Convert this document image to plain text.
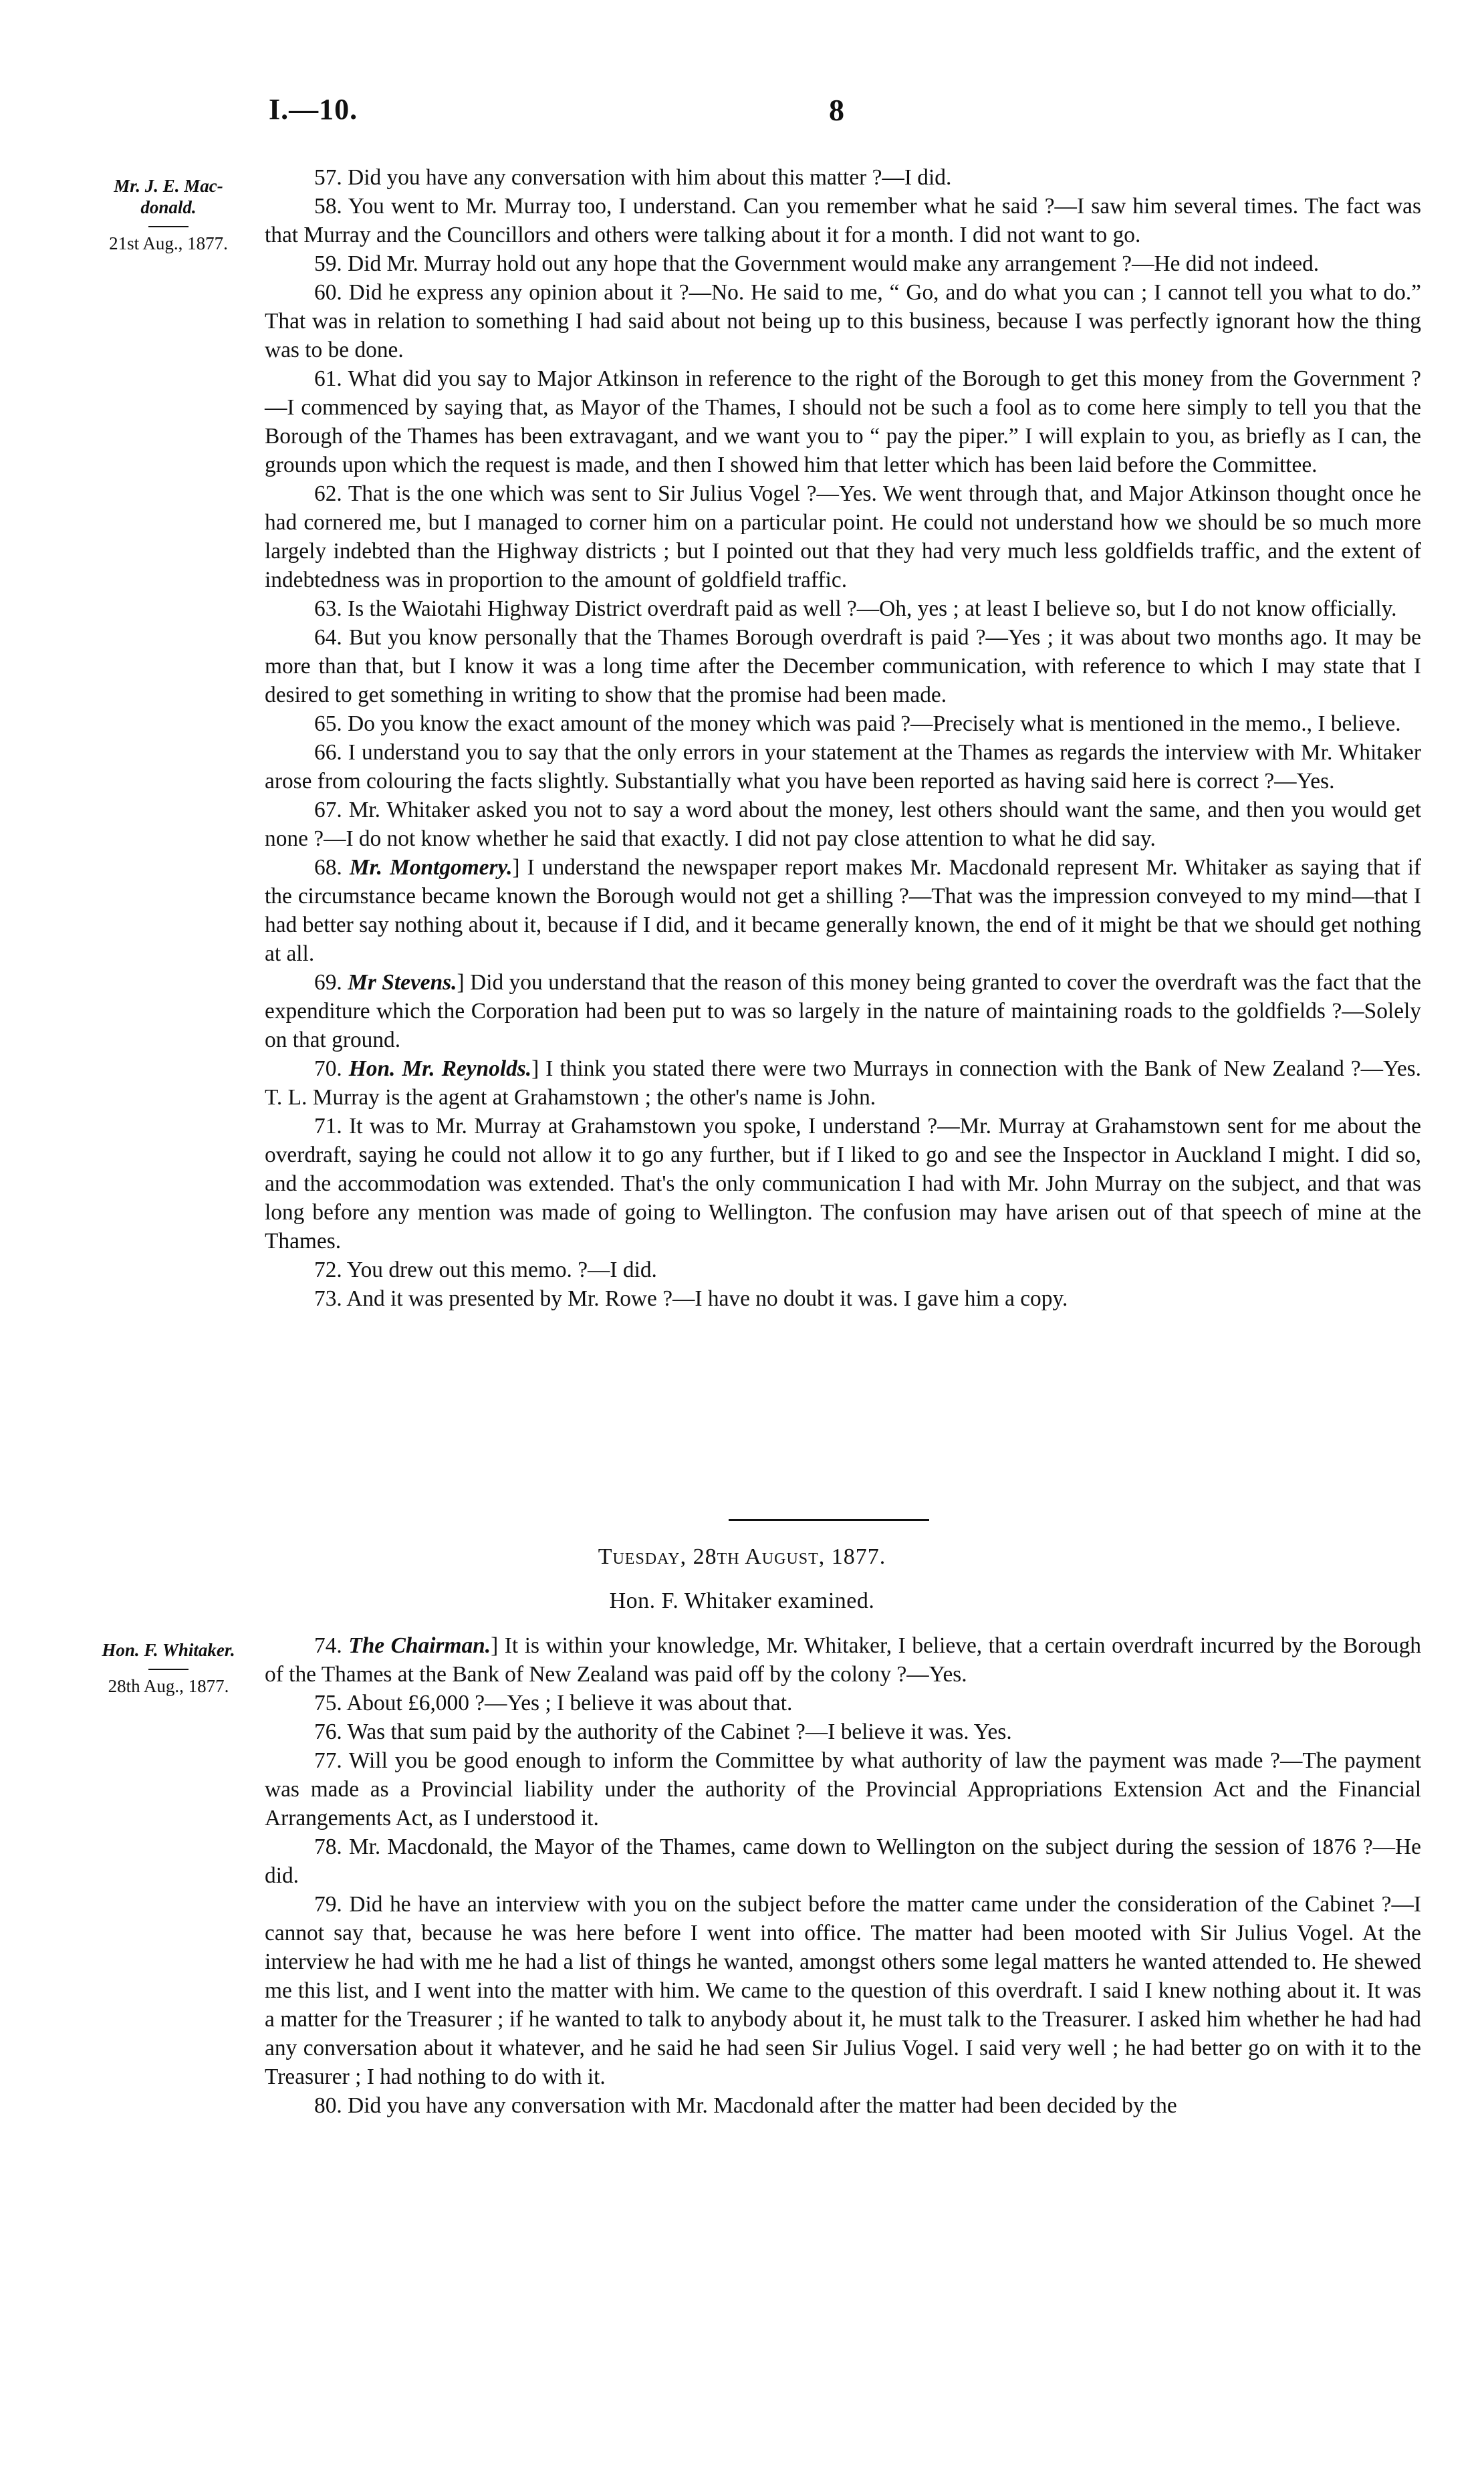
I.—10.	8
Mr. J. E. Mac-donald.
21st Aug., 1877.

57. Did you have any conversation with him about this matter ?—I did.

58. You went to Mr. Murray too, I understand. Can you remember what he said ?—I saw him several times. The fact was that Murray and the Councillors and others were talking about it for a month. I did not want to go.

59. Did Mr. Murray hold out any hope that the Government would make any arrangement ?—He did not indeed.

60. Did he express any opinion about it ?—No. He said to me, “ Go, and do what you can ; I cannot tell you what to do.” That was in relation to something I had said about not being up to this business, because I was perfectly ignorant how the thing was to be done.

61. What did you say to Major Atkinson in reference to the right of the Borough to get this money from the Government ?—I commenced by saying that, as Mayor of the Thames, I should not be such a fool as to come here simply to tell you that the Borough of the Thames has been extravagant, and we want you to “ pay the piper.” I will explain to you, as briefly as I can, the grounds upon which the request is made, and then I showed him that letter which has been laid before the Committee.

62. That is the one which was sent to Sir Julius Vogel ?—Yes. We went through that, and Major Atkinson thought once he had cornered me, but I managed to corner him on a particular point. He could not understand how we should be so much more largely indebted than the Highway districts ; but I pointed out that they had very much less goldfields traffic, and the extent of indebtedness was in proportion to the amount of goldfield traffic.

63. Is the Waiotahi Highway District overdraft paid as well ?—Oh, yes ; at least I believe so, but I do not know officially.

64. But you know personally that the Thames Borough overdraft is paid ?—Yes ; it was about two months ago. It may be more than that, but I know it was a long time after the December communication, with reference to which I may state that I desired to get something in writing to show that the promise had been made.

65. Do you know the exact amount of the money which was paid ?—Precisely what is mentioned in the memo., I believe.

66. I understand you to say that the only errors in your statement at the Thames as regards the interview with Mr. Whitaker arose from colouring the facts slightly. Substantially what you have been reported as having said here is correct ?—Yes.

67. Mr. Whitaker asked you not to say a word about the money, lest others should want the same, and then you would get none ?—I do not know whether he said that exactly. I did not pay close attention to what he did say.

68. Mr. Montgomery.] I understand the newspaper report makes Mr. Macdonald represent Mr. Whitaker as saying that if the circumstance became known the Borough would not get a shilling ?—That was the impression conveyed to my mind—that I had better say nothing about it, because if I did, and it became generally known, the end of it might be that we should get nothing at all.

69. Mr Stevens.] Did you understand that the reason of this money being granted to cover the overdraft was the fact that the expenditure which the Corporation had been put to was so largely in the nature of maintaining roads to the goldfields ?—Solely on that ground.

70. Hon. Mr. Reynolds.] I think you stated there were two Murrays in connection with the Bank of New Zealand ?—Yes. T. L. Murray is the agent at Grahamstown ; the other's name is John.

71. It was to Mr. Murray at Grahamstown you spoke, I understand ?—Mr. Murray at Grahamstown sent for me about the overdraft, saying he could not allow it to go any further, but if I liked to go and see the Inspector in Auckland I might. I did so, and the accommodation was extended. That's the only communication I had with Mr. John Murray on the subject, and that was long before any mention was made of going to Wellington. The confusion may have arisen out of that speech of mine at the Thames.

72. You drew out this memo. ?—I did.

73. And it was presented by Mr. Rowe ?—I have no doubt it was. I gave him a copy.

Tuesday, 28th August, 1877.
Hon. F. Whitaker examined.
Hon. F. Whitaker.
28th Aug., 1877.

74. The Chairman.] It is within your knowledge, Mr. Whitaker, I believe, that a certain overdraft incurred by the Borough of the Thames at the Bank of New Zealand was paid off by the colony ?—Yes.

75. About £6,000 ?—Yes ; I believe it was about that.

76. Was that sum paid by the authority of the Cabinet ?—I believe it was. Yes.

77. Will you be good enough to inform the Committee by what authority of law the payment was made ?—The payment was made as a Provincial liability under the authority of the Provincial Appropriations Extension Act and the Financial Arrangements Act, as I understood it.

78. Mr. Macdonald, the Mayor of the Thames, came down to Wellington on the subject during the session of 1876 ?—He did.

79. Did he have an interview with you on the subject before the matter came under the consideration of the Cabinet ?—I cannot say that, because he was here before I went into office. The matter had been mooted with Sir Julius Vogel. At the interview he had with me he had a list of things he wanted, amongst others some legal matters he wanted attended to. He shewed me this list, and I went into the matter with him. We came to the question of this overdraft. I said I knew nothing about it. It was a matter for the Treasurer ; if he wanted to talk to anybody about it, he must talk to the Treasurer. I asked him whether he had had any conversation about it whatever, and he said he had seen Sir Julius Vogel. I said very well ; he had better go on with it to the Treasurer ; I had nothing to do with it.

80. Did you have any conversation with Mr. Macdonald after the matter had been decided by the
